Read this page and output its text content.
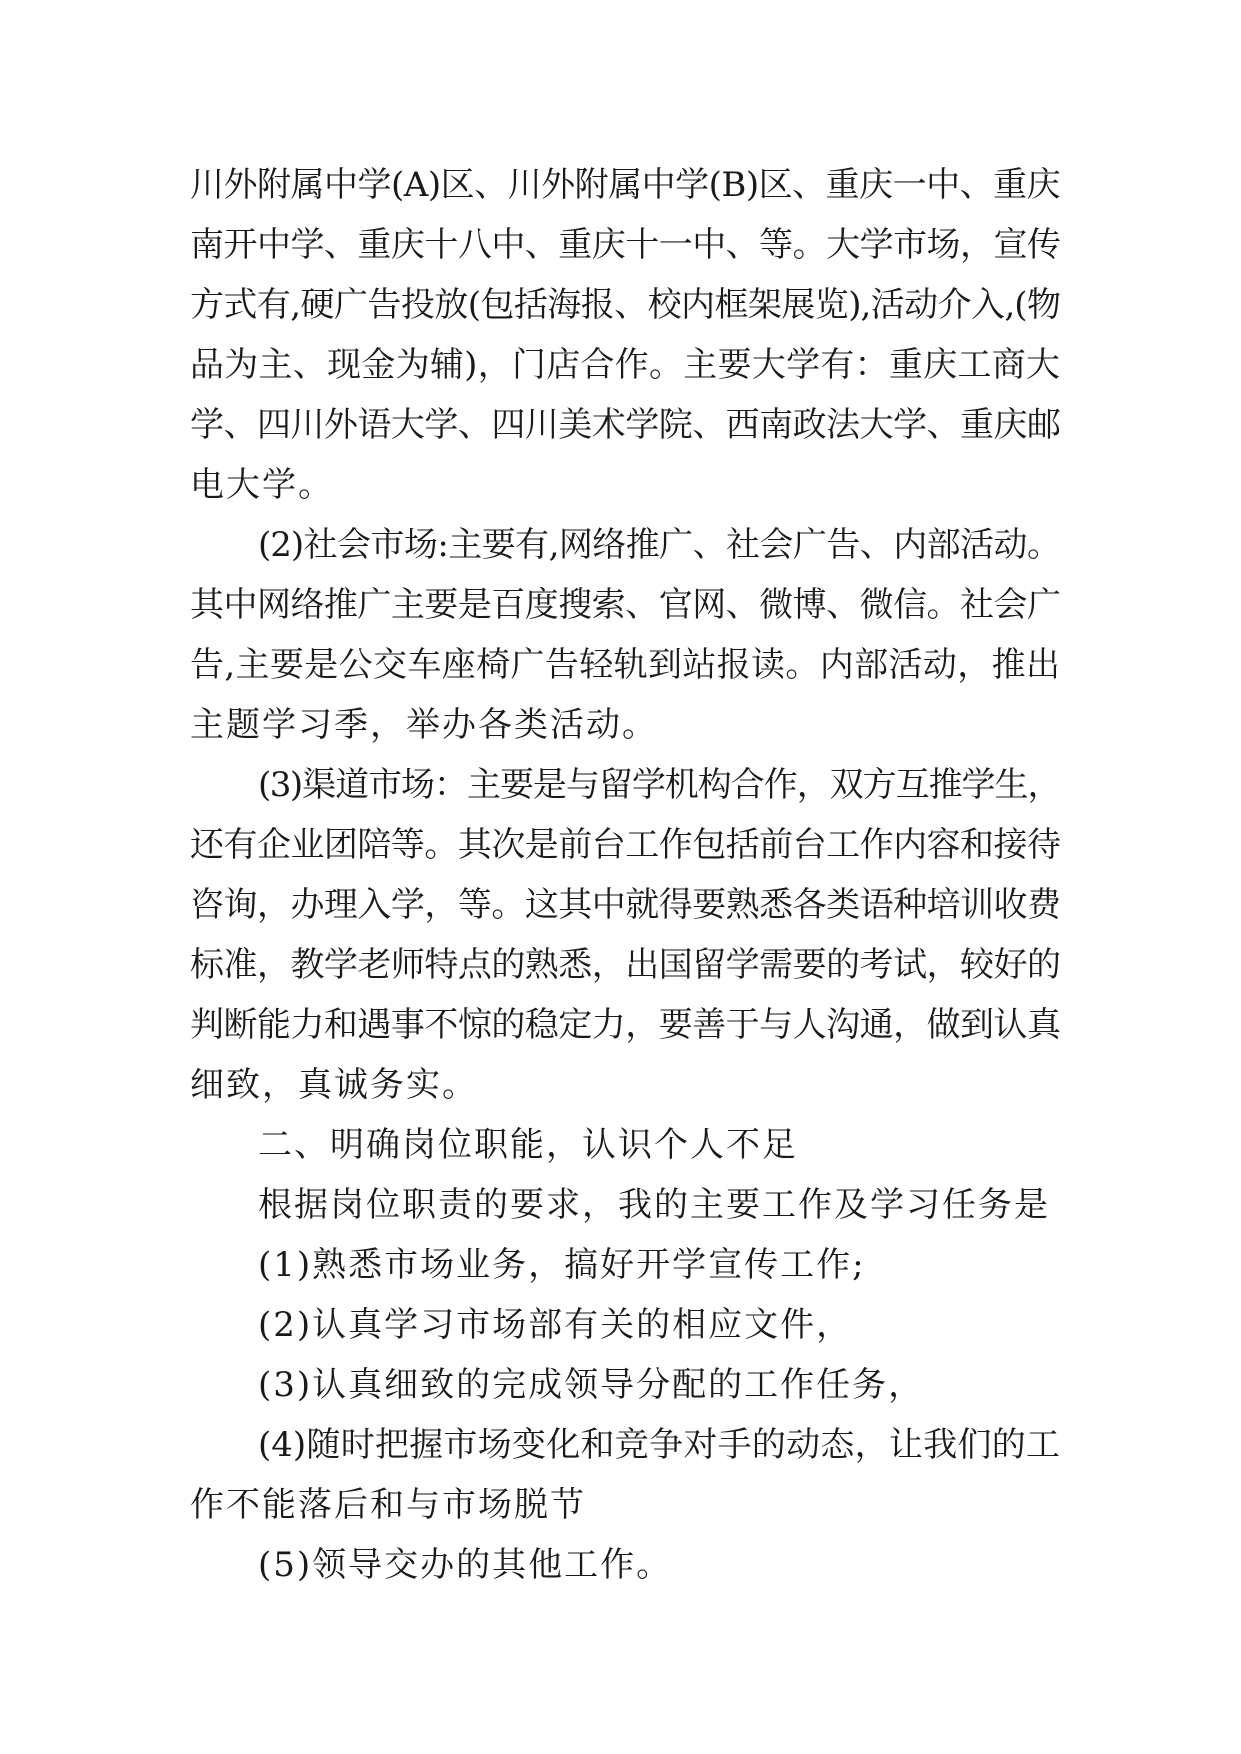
川外附属中学(A)区、川外附属中学(B)区、重庆一中、重庆
南开中学、重庆十八中、重庆十一中、等。大学市场，宣传
方式有,硬广告投放(包括海报、校内框架展览),活动介入,(物
品为主、现金为辅)，门店合作。主要大学有：重庆工商大
学、四川外语大学、四川美术学院、西南政法大学、重庆邮
电大学。
(2)社会市场:主要有,网络推广、社会广告、内部活动。
其中网络推广主要是百度搜索、官网、微博、微信。社会广
告,主要是公交车座椅广告轻轨到站报读。内部活动，推出
主题学习季，举办各类活动。
(3)渠道市场：主要是与留学机构合作，双方互推学生，
还有企业团陪等。其次是前台工作包括前台工作内容和接待
咨询，办理入学，等。这其中就得要熟悉各类语种培训收费
标准，教学老师特点的熟悉，出国留学需要的考试，较好的
判断能力和遇事不惊的稳定力，要善于与人沟通，做到认真
细致，真诚务实。
二、明确岗位职能，认识个人不足
根据岗位职责的要求，我的主要工作及学习任务是
(1)熟悉市场业务，搞好开学宣传工作;
(2)认真学习市场部有关的相应文件，
(3)认真细致的完成领导分配的工作任务，
(4)随时把握市场变化和竞争对手的动态，让我们的工
作不能落后和与市场脱节
(5)领导交办的其他工作。
